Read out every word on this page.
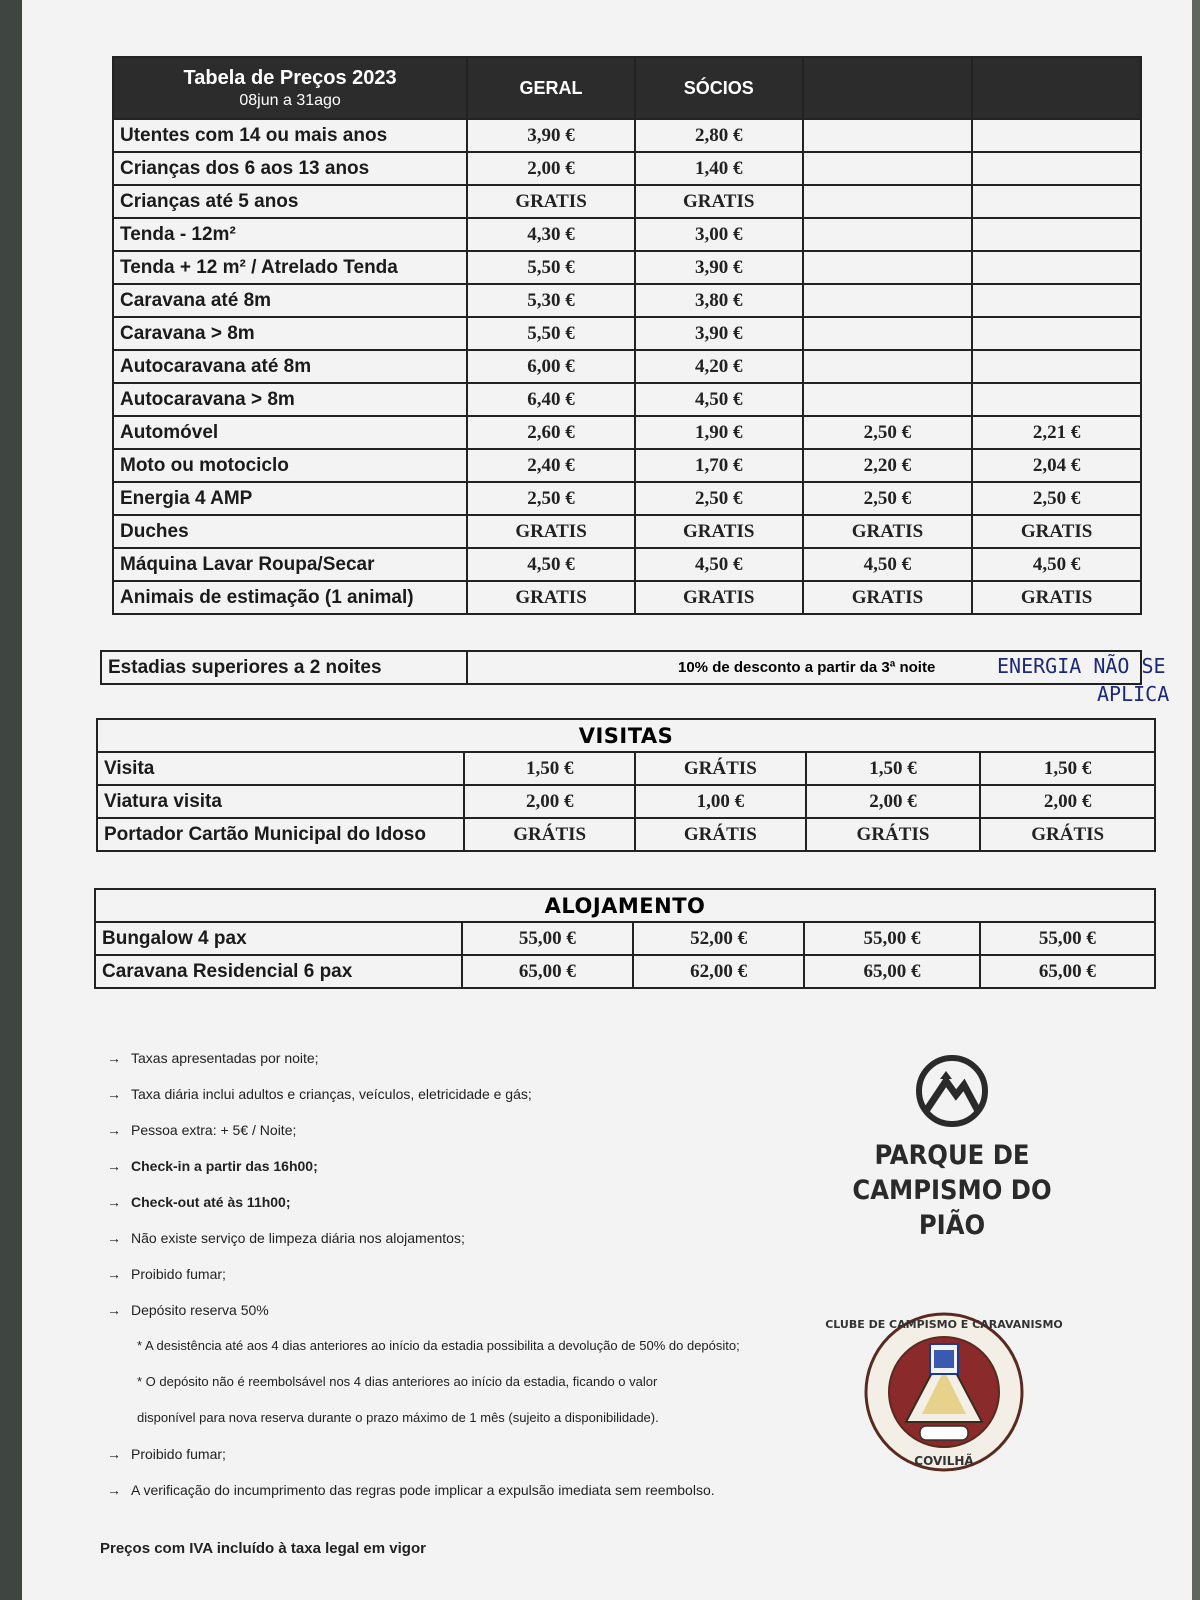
Tabela de Preços 2023
08jun a 31ago	GERAL	SÓCIOS		
Utentes com 14 ou mais anos	3,90 €	2,80 €		
Crianças dos 6 aos 13 anos	2,00 €	1,40 €		
Crianças até 5 anos	GRATIS	GRATIS		
Tenda - 12m²	4,30 €	3,00 €		
Tenda + 12 m² / Atrelado Tenda	5,50 €	3,90 €		
Caravana até 8m	5,30 €	3,80 €		
Caravana > 8m	5,50 €	3,90 €		
Autocaravana até 8m	6,00 €	4,20 €		
Autocaravana > 8m	6,40 €	4,50 €		
Automóvel	2,60 €	1,90 €	2,50 €	2,21 €
Moto ou motociclo	2,40 €	1,70 €	2,20 €	2,04 €
Energia 4 AMP	2,50 €	2,50 €	2,50 €	2,50 €
Duches	GRATIS	GRATIS	GRATIS	GRATIS
Máquina Lavar Roupa/Secar	4,50 €	4,50 €	4,50 €	4,50 €
Animais de estimação (1 animal)	GRATIS	GRATIS	GRATIS	GRATIS
Estadias superiores a 2 noites	10% de desconto a partir da 3ª noite	ENERGIA NÃO SE
APLICA
VISITAS				
Visita	1,50 €	GRÁTIS	1,50 €	1,50 €
Viatura visita	2,00 €	1,00 €	2,00 €	2,00 €
Portador Cartão Municipal do Idoso	GRÁTIS	GRÁTIS	GRÁTIS	GRÁTIS
ALOJAMENTO				
Bungalow 4 pax	55,00 €	52,00 €	55,00 €	55,00 €
Caravana Residencial 6 pax	65,00 €	62,00 €	65,00 €	65,00 €
→ Taxas apresentadas por noite;
→ Taxa diária inclui adultos e crianças, veículos, eletricidade e gás;
→ Pessoa extra: + 5€ / Noite;
→ Check-in a partir das 16h00;
→ Check-out até às 11h00;
→ Não existe serviço de limpeza diária nos alojamentos;
→ Proibido fumar;
→ Depósito reserva 50%
* A desistência até aos 4 dias anteriores ao início da estadia possibilita a devolução de 50% do depósito;
* O depósito não é reembolsável nos 4 dias anteriores ao início da estadia, ficando o valor
disponível para nova reserva durante o prazo máximo de 1 mês (sujeito a disponibilidade).
→ Proibido fumar;
→ A verificação do incumprimento das regras pode implicar a expulsão imediata sem reembolso.
PARQUE DE
CAMPISMO DO PIÃO
CLUBE DE CAMPISMO E CARAVANISMO
COVILHÃ
Preços com IVA incluído à taxa legal em vigor
